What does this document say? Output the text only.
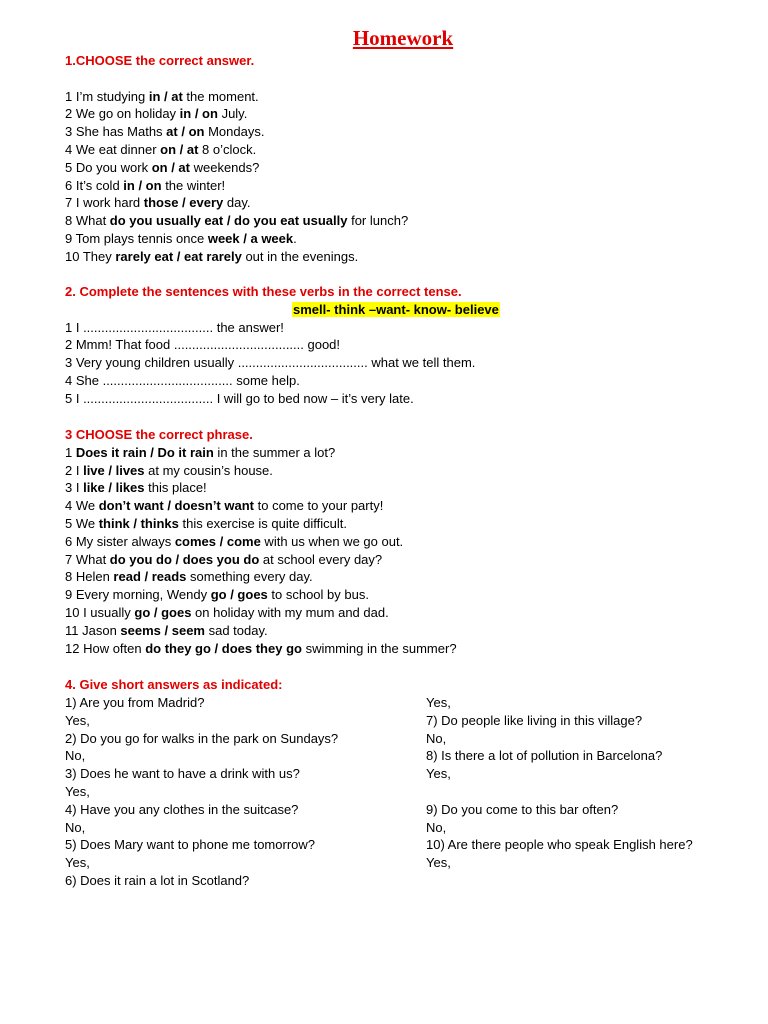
Homework
1.CHOOSE the correct answer.
1 I’m studying in / at the moment.
2 We go on holiday in / on July.
3 She has Maths at / on Mondays.
4 We eat dinner on / at 8 o’clock.
5 Do you work on / at weekends?
6 It’s cold in / on the winter!
7 I work hard those / every day.
8 What do you usually eat / do you eat usually for lunch?
9 Tom plays tennis once week / a week.
10 They rarely eat / eat rarely out in the evenings.
2. Complete the sentences with these verbs in the correct tense.
smell- think –want- know- believe
1 I .................................... the answer!
2 Mmm! That food .................................... good!
3 Very young children usually .................................... what we tell them.
4 She .................................... some help.
5 I .................................... I will go to bed now – it’s very late.
3 CHOOSE the correct phrase.
1 Does it rain / Do it rain in the summer a lot?
2 I live / lives at my cousin’s house.
3 I like / likes this place!
4 We don’t want / doesn’t want to come to your party!
5 We think / thinks this exercise is quite difficult.
6 My sister always comes / come with us when we go out.
7 What do you do / does you do at school every day?
8 Helen read / reads something every day.
9 Every morning, Wendy go / goes to school by bus.
10 I usually go / goes on holiday with my mum and dad.
11 Jason seems / seem sad today.
12 How often do they go / does they go swimming in the summer?
4. Give short answers as indicated:
1) Are you from Madrid?
Yes,
2) Do you go for walks in the park on Sundays?
No,
3) Does he want to have a drink with us?
Yes,
4) Have you any clothes in the suitcase?
No,
5) Does Mary want to phone me tomorrow?
Yes,
6) Does it rain a lot in Scotland?
Yes,
7) Do people like living in this village?
No,
8) Is there a lot of pollution in Barcelona?
Yes,
9) Do you come to this bar often?
No,
10) Are there people who speak English here?
Yes,
